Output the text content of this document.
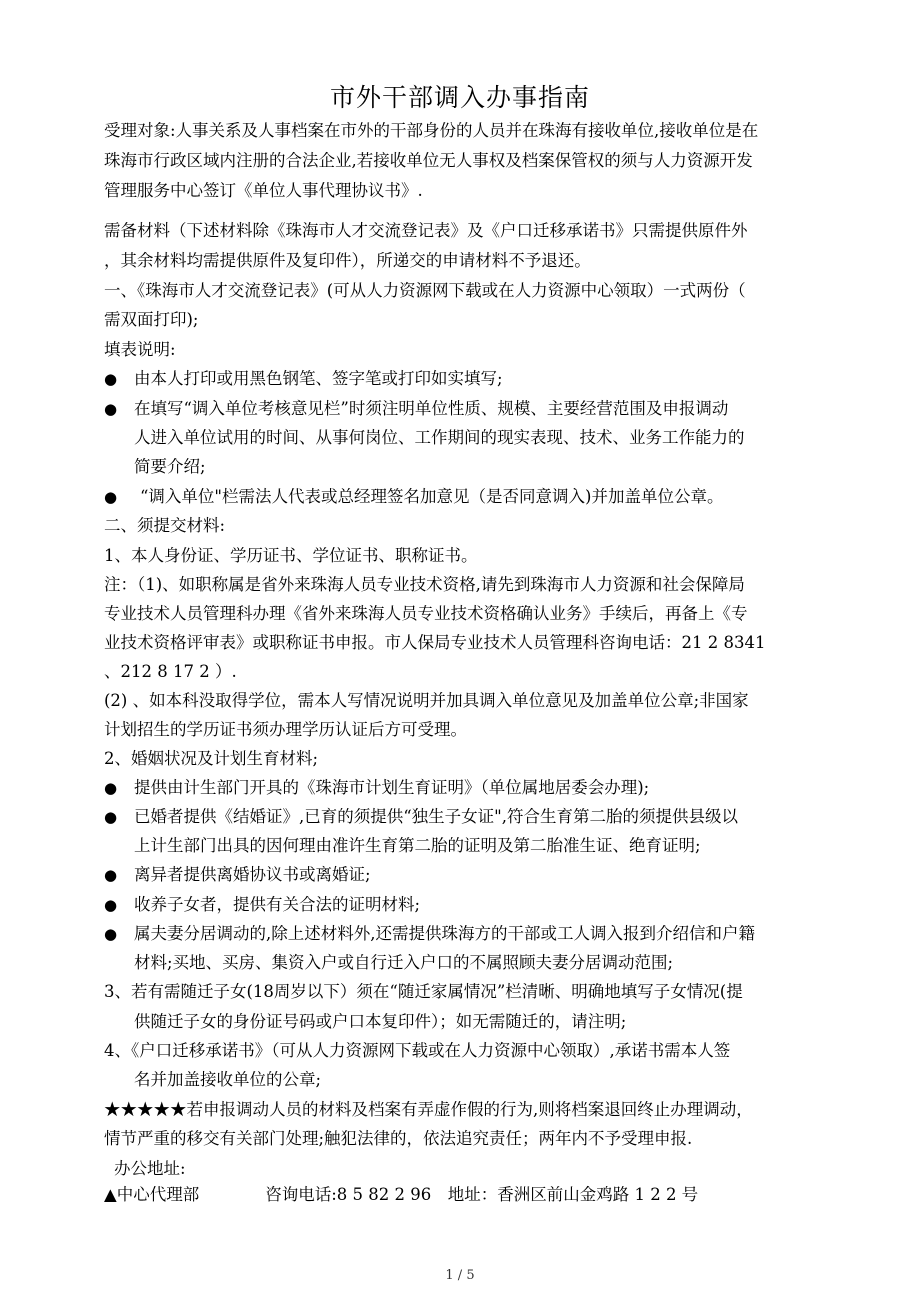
市外干部调入办事指南
受理对象:人事关系及人事档案在市外的干部身份的人员并在珠海有接收单位,接收单位是在
珠海市行政区域内注册的合法企业,若接收单位无人事权及档案保管权的须与人力资源开发
管理服务中心签订《单位人事代理协议书》.
需备材料（下述材料除《珠海市人才交流登记表》及《户口迁移承诺书》只需提供原件外
，其余材料均需提供原件及复印件），所递交的申请材料不予退还。
一、《珠海市人才交流登记表》(可从人力资源网下载或在人力资源中心领取）一式两份（
需双面打印);
填表说明:
● 由本人打印或用黑色钢笔、签字笔或打印如实填写;
● 在填写“调入单位考核意见栏”时须注明单位性质、规模、主要经营范围及申报调动
人进入单位试用的时间、从事何岗位、工作期间的现实表现、技术、业务工作能力的
简要介绍;
● “调入单位"栏需法人代表或总经理签名加意见（是否同意调入)并加盖单位公章。
二、须提交材料:
1、本人身份证、学历证书、学位证书、职称证书。
注：（1)、如职称属是省外来珠海人员专业技术资格,请先到珠海市人力资源和社会保障局
专业技术人员管理科办理《省外来珠海人员专业技术资格确认业务》手续后，再备上《专
业技术资格评审表》或职称证书申报。市人保局专业技术人员管理科咨询电话：21 2 8341
、212 8 17 2 ）.
(2) 、如本科没取得学位，需本人写情况说明并加具调入单位意见及加盖单位公章;非国家
计划招生的学历证书须办理学历认证后方可受理。
2、婚姻状况及计划生育材料;
● 提供由计生部门开具的《珠海市计划生育证明》（单位属地居委会办理);
● 已婚者提供《结婚证》,已育的须提供“独生子女证",符合生育第二胎的须提供县级以
上计生部门出具的因何理由准许生育第二胎的证明及第二胎准生证、绝育证明;
● 离异者提供离婚协议书或离婚证;
● 收养子女者，提供有关合法的证明材料;
● 属夫妻分居调动的,除上述材料外,还需提供珠海方的干部或工人调入报到介绍信和户籍
材料;买地、买房、集资入户或自行迁入户口的不属照顾夫妻分居调动范围;
3、若有需随迁子女(18周岁以下）须在“随迁家属情况”栏清晰、明确地填写子女情况(提
供随迁子女的身份证号码或户口本复印件）；如无需随迁的，请注明;
4、《户口迁移承诺书》（可从人力资源网下载或在人力资源中心领取）,承诺书需本人签
名并加盖接收单位的公章;
★★★★★若申报调动人员的材料及档案有弄虚作假的行为,则将档案退回终止办理调动，
情节严重的移交有关部门处理;触犯法律的，依法追究责任；两年内不予受理申报.
办公地址:
▲中心代理部　　　　咨询电话:8 5 82 2 96　地址：香洲区前山金鸡路 1 2 2 号
1 / 5
